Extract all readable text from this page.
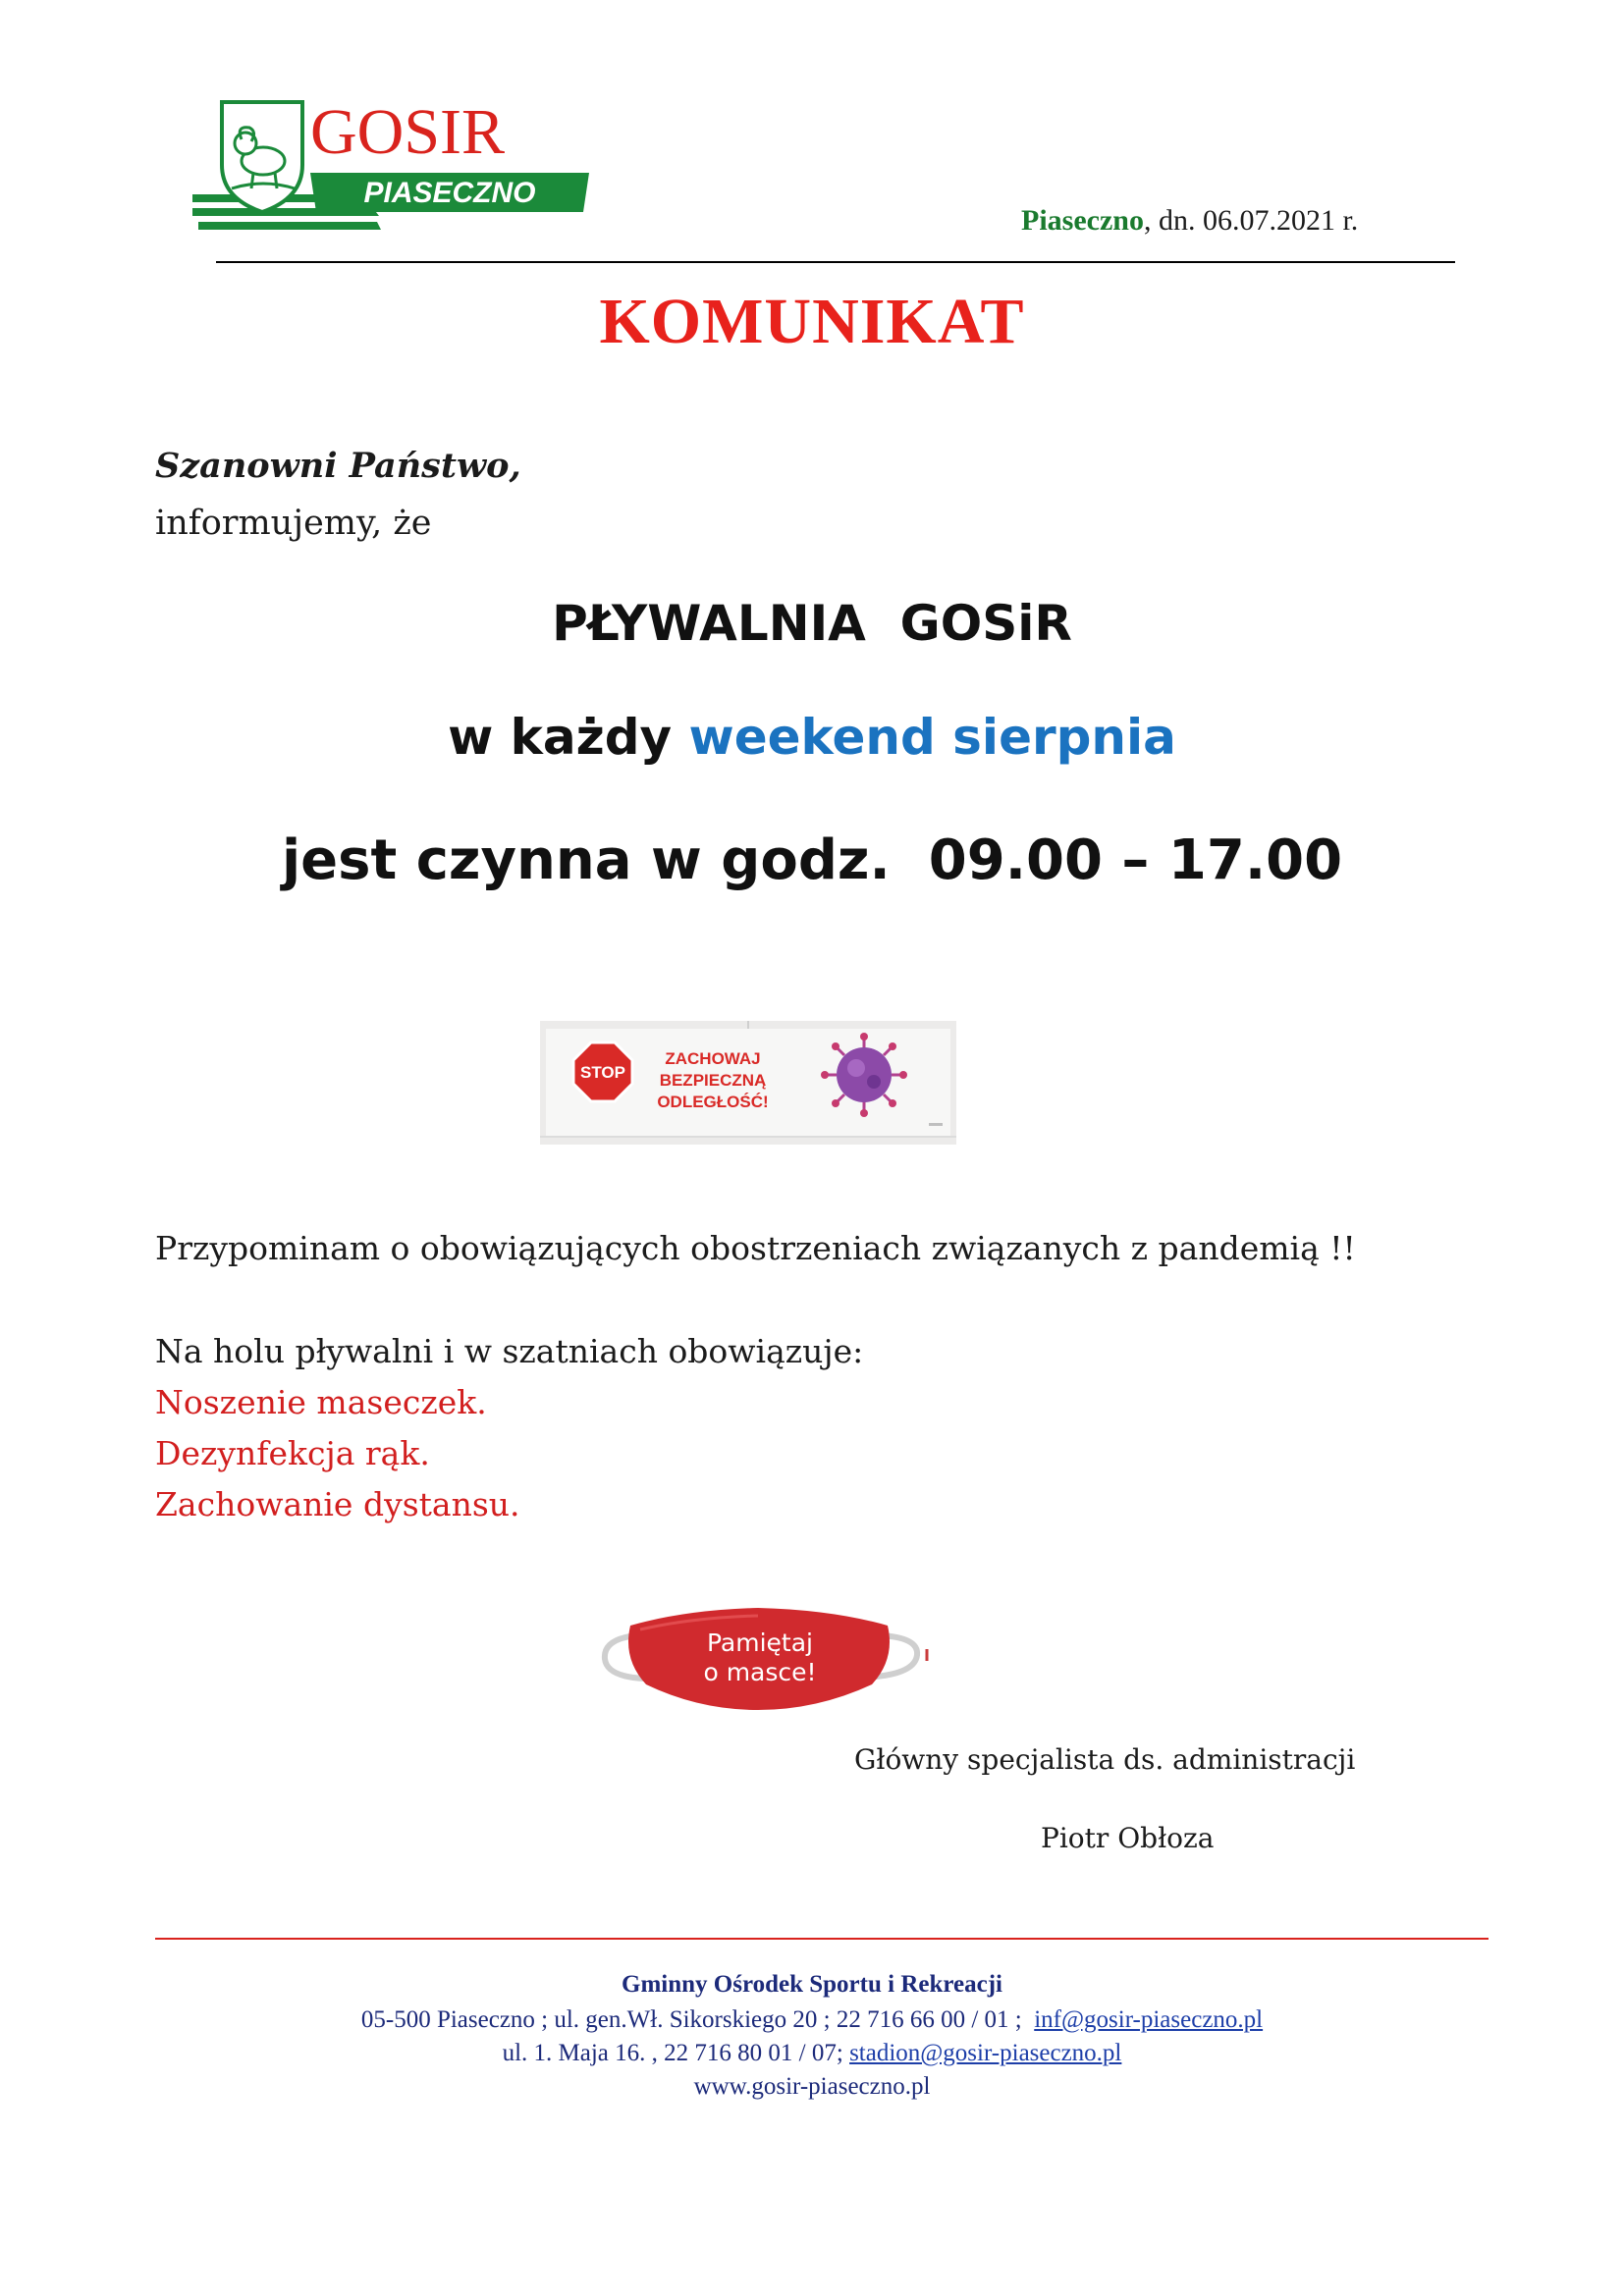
GOSIR
PIASECZNO
Piaseczno, dn. 06.07.2021 r.
KOMUNIKAT
Szanowni Państwo,
informujemy, że
PŁYWALNIA  GOSiR
w każdy weekend sierpnia
jest czynna w godz.  09.00 – 17.00
STOP
ZACHOWAJ
BEZPIECZNĄ
ODLEGŁOŚĆ!
Przypominam o obowiązujących obostrzeniach związanych z pandemią !!
Na holu pływalni i w szatniach obowiązuje:
Noszenie maseczek.
Dezynfekcja rąk.
Zachowanie dystansu.
Pamiętaj
o masce!
Główny specjalista ds. administracji
Piotr Obłoza
Gminny Ośrodek Sportu i Rekreacji
05-500 Piaseczno ; ul. gen.Wł. Sikorskiego 20 ; 22 716 66 00 / 01 ;  inf@gosir-piaseczno.pl
ul. 1. Maja 16. , 22 716 80 01 / 07; stadion@gosir-piaseczno.pl
www.gosir-piaseczno.pl
